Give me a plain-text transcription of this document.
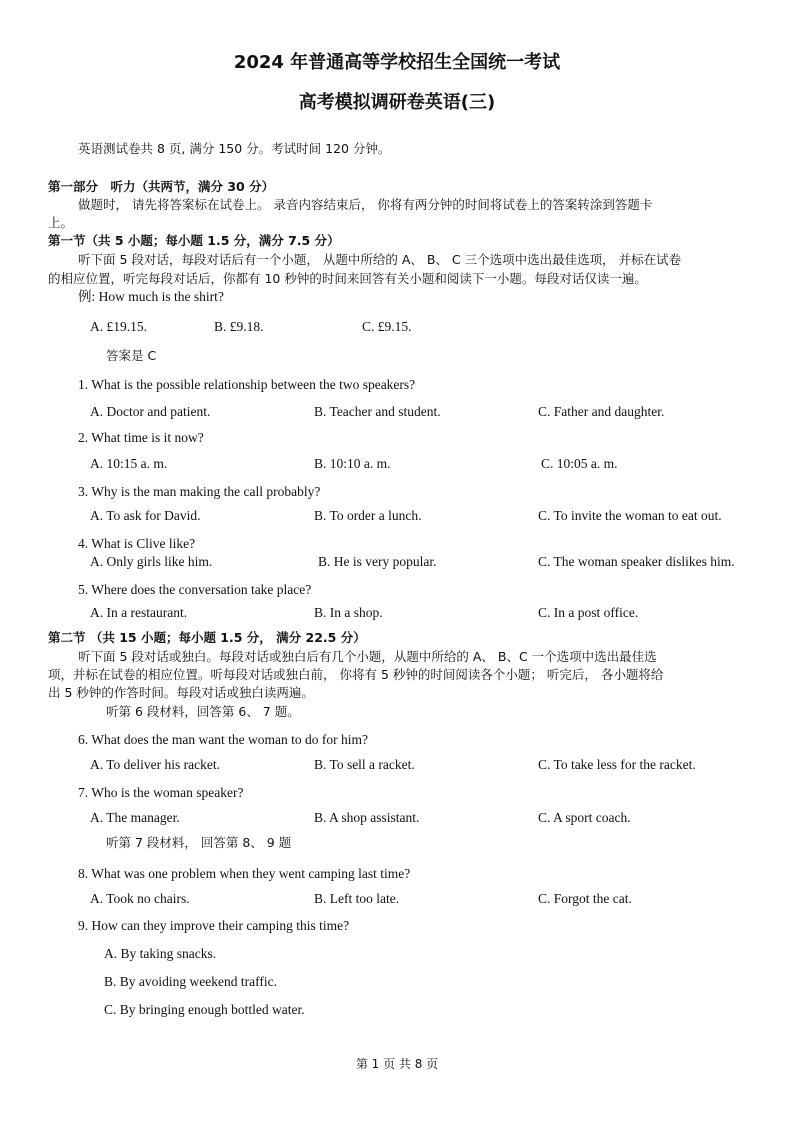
2024 年普通高等学校招生全国统一考试
高考模拟调研卷英语(三)
英语测试卷共 8 页, 满分 150 分。考试时间 120 分钟。
第一部分　听力（共两节，满分 30 分）
做题时， 请先将答案标在试卷上。 录音内容结束后， 你将有两分钟的时间将试卷上的答案转涂到答题卡
上。
第一节（共 5 小题；每小题 1.5 分，满分 7.5 分）
听下面 5 段对话，每段对话后有一个小题， 从题中所给的 A、 B、 C 三个选项中选出最佳选项， 并标在试卷
的相应位置，听完每段对话后，你都有 10 秒钟的时间来回答有关小题和阅读下一小题。每段对话仅读一遍。
例: How much is the shirt?
A. £19.15.	B. £9.18.	C. £9.15.
答案是 C
1. What is the possible relationship between the two speakers?
A. Doctor and patient.	B. Teacher and student.	C. Father and daughter.
2. What time is it now?
A. 10:15 a. m.	B. 10:10 a. m.	C. 10:05 a. m.
3. Why is the man making the call probably?
A. To ask for David.	B. To order a lunch.	C. To invite the woman to eat out.
4. What is Clive like?
A. Only girls like him.	B. He is very popular.	C. The woman speaker dislikes him.
5. Where does the conversation take place?
A. In a restaurant.	B. In a shop.	C. In a post office.
第二节 （共 15 小题；每小题 1.5 分， 满分 22.5 分）
听下面 5 段对话或独白。每段对话或独白后有几个小题，从题中所给的 A、 B、C 一个选项中选出最佳选
项，并标在试卷的相应位置。听每段对话或独白前， 你将有 5 秒钟的时间阅读各个小题； 听完后， 各小题将给
出 5 秒钟的作答时间。每段对话或独白读两遍。
听第 6 段材料，回答第 6、 7 题。
6. What does the man want the woman to do for him?
A. To deliver his racket.	B. To sell a racket.	C. To take less for the racket.
7. Who is the woman speaker?
A. The manager.	B. A shop assistant.	C. A sport coach.
听第 7 段材料， 回答第 8、 9 题
8. What was one problem when they went camping last time?
A. Took no chairs.	B. Left too late.	C. Forgot the cat.
9. How can they improve their camping this time?
A. By taking snacks.
B. By avoiding weekend traffic.
C. By bringing enough bottled water.
第 1 页 共 8 页
